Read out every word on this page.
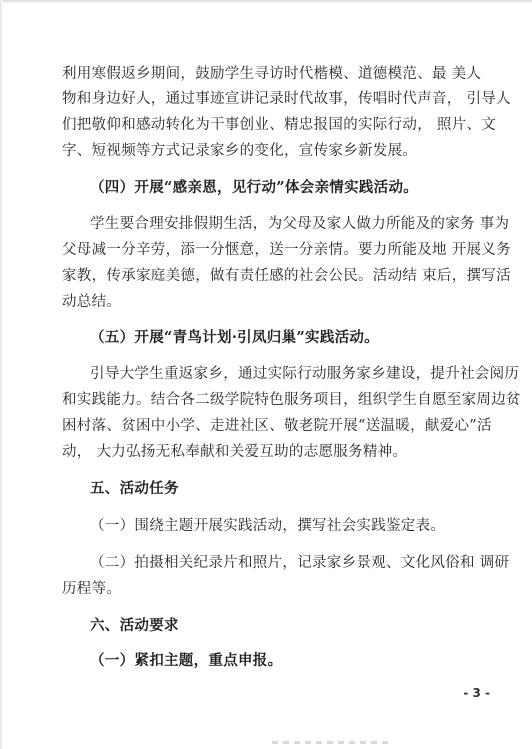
利用寒假返乡期间，鼓励学生寻访时代楷模、道德模范、最 美人
物和身边好人，通过事迹宣讲记录时代故事，传唱时代声音， 引导人
们把敬仰和感动转化为干事创业、精忠报国的实际行动， 照片、文
字、短视频等方式记录家乡的变化，宣传家乡新发展。
（四）开展“感亲恩，见行动”体会亲情实践活动。
学生要合理安排假期生活，为父母及家人做力所能及的家务 事为
父母减一分辛劳，添一分惬意，送一分亲情。要力所能及地 开展义务
家教，传承家庭美德，做有责任感的社会公民。活动结 束后，撰写活
动总结。
（五）开展“青鸟计划·引凤归巢”实践活动。
引导大学生重返家乡，通过实际行动服务家乡建设，提升社会阅历
和实践能力。结合各二级学院特色服务项目，组织学生自愿至家周边贫
困村落、贫困中小学、走进社区、敬老院开展“送温暖，献爱心”活
动， 大力弘扬无私奉献和关爱互助的志愿服务精神。
五、活动任务
（一）围绕主题开展实践活动，撰写社会实践鉴定表。
（二）拍摄相关纪录片和照片，记录家乡景观、文化风俗和 调研
历程等。
六、活动要求
（一）紧扣主题，重点申报。
- 3 -
